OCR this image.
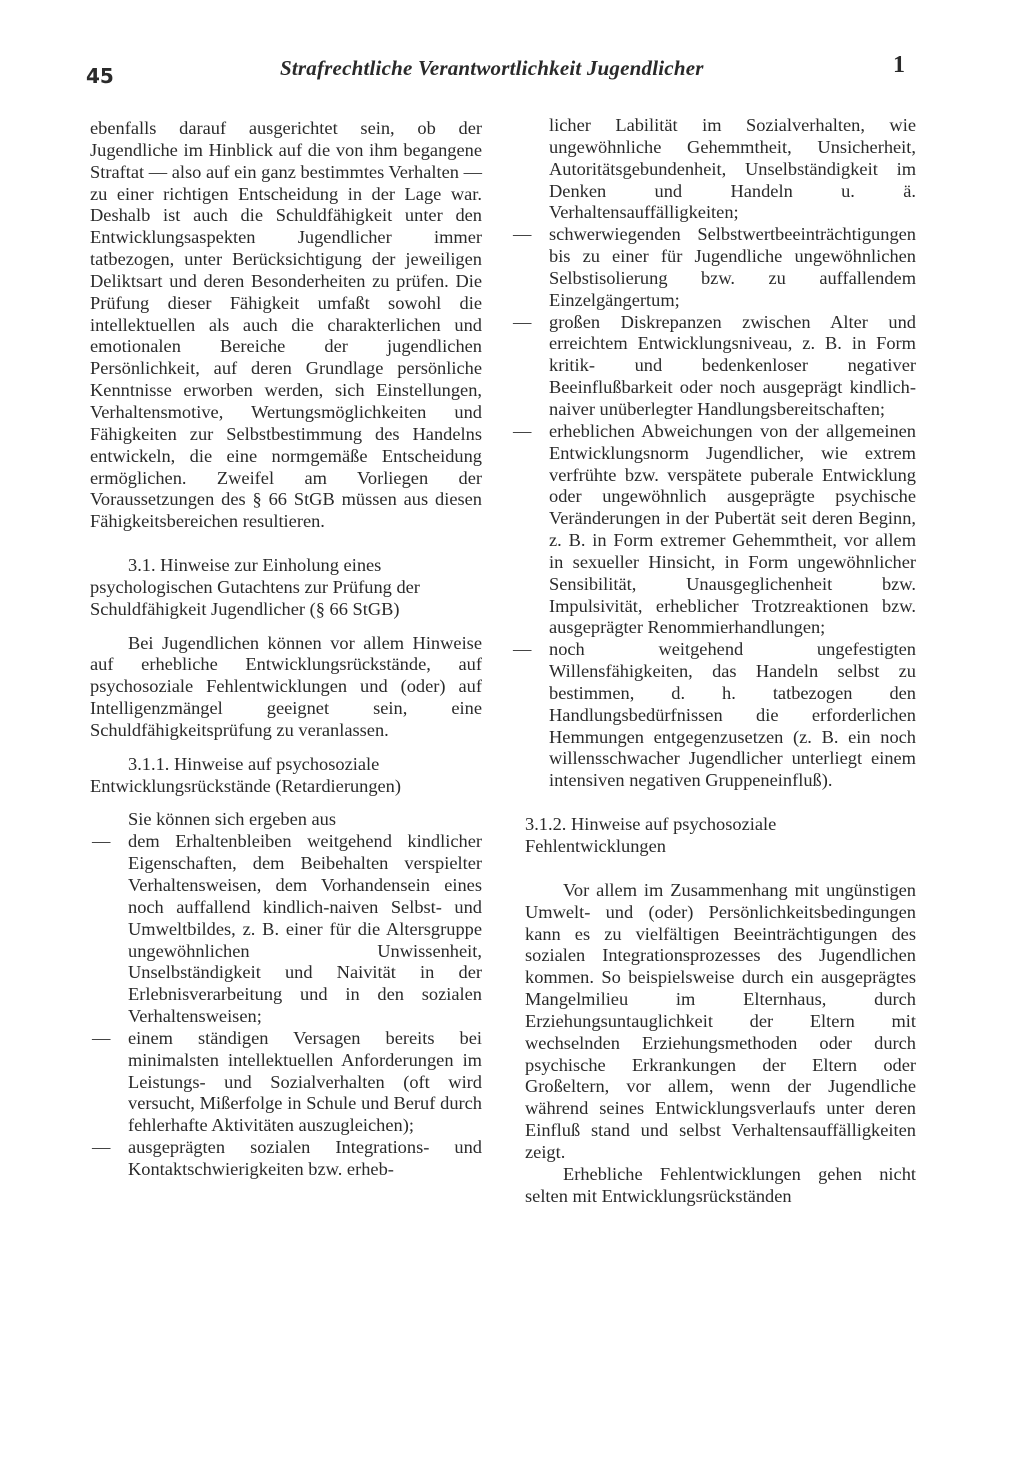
45	Strafrechtliche Verantwortlichkeit Jugendlicher	1

ebenfalls darauf ausgerichtet sein, ob der Jugendliche im Hinblick auf die von ihm begangene Straftat — also auf ein ganz bestimmtes Verhalten — zu einer richtigen Entscheidung in der Lage war. Deshalb ist auch die Schuldfähigkeit unter den Entwicklungsaspekten Jugendlicher immer tatbezogen, unter Berücksichtigung der jeweiligen Deliktsart und deren Besonderheiten zu prüfen. Die Prüfung dieser Fähigkeit umfaßt sowohl die intellektuellen als auch die charakterlichen und emotionalen Bereiche der jugendlichen Persönlichkeit, auf deren Grundlage persönliche Kenntnisse erworben werden, sich Einstellungen, Verhaltensmotive, Wertungsmöglichkeiten und Fähigkeiten zur Selbstbestimmung des Handelns entwickeln, die eine normgemäße Entscheidung ermöglichen. Zweifel am Vorliegen der Voraussetzungen des § 66 StGB müssen aus diesen Fähigkeitsbereichen resultieren.

3.1. Hinweise zur Einholung eines psychologischen Gutachtens zur Prüfung der Schuldfähigkeit Jugendlicher (§ 66 StGB)

Bei Jugendlichen können vor allem Hinweise auf erhebliche Entwicklungsrückstände, auf psychosoziale Fehlentwicklungen und (oder) auf Intelligenzmängel geeignet sein, eine Schuldfähigkeitsprüfung zu veranlassen.

3.1.1. Hinweise auf psychosoziale Entwicklungsrückstände (Retardierungen)

Sie können sich ergeben aus

— dem Erhaltenbleiben weitgehend kindlicher Eigenschaften, dem Beibehalten verspielter Verhaltensweisen, dem Vorhandensein eines noch auffallend kindlich-naiven Selbst- und Umweltbildes, z. B. einer für die Altersgruppe ungewöhnlichen Unwissenheit, Unselbständigkeit und Naivität in der Erlebnisverarbeitung und in den sozialen Verhaltensweisen;
— einem ständigen Versagen bereits bei minimalsten intellektuellen Anforderungen im Leistungs- und Sozialverhalten (oft wird versucht, Mißerfolge in Schule und Beruf durch fehlerhafte Aktivitäten auszugleichen);
— ausgeprägten sozialen Integrations- und Kontaktschwierigkeiten bzw. erheb-

licher Labilität im Sozialverhalten, wie ungewöhnliche Gehemmtheit, Unsicherheit, Autoritätsgebundenheit, Unselbständigkeit im Denken und Handeln u. ä. Verhaltensauffälligkeiten;

— schwerwiegenden Selbstwertbeeinträchtigungen bis zu einer für Jugendliche ungewöhnlichen Selbstisolierung bzw. zu auffallendem Einzelgängertum;
— großen Diskrepanzen zwischen Alter und erreichtem Entwicklungsniveau, z. B. in Form kritik- und bedenkenloser negativer Beeinflußbarkeit oder noch ausgeprägt kindlich-naiver unüberlegter Handlungsbereitschaften;
— erheblichen Abweichungen von der allgemeinen Entwicklungsnorm Jugendlicher, wie extrem verfrühte bzw. verspätete puberale Entwicklung oder ungewöhnlich ausgeprägte psychische Veränderungen in der Pubertät seit deren Beginn, z. B. in Form extremer Gehemmtheit, vor allem in sexueller Hinsicht, in Form ungewöhnlicher Sensibilität, Unausgeglichenheit bzw. Impulsivität, erheblicher Trotzreaktionen bzw. ausgeprägter Renommierhandlungen;
— noch weitgehend ungefestigten Willensfähigkeiten, das Handeln selbst zu bestimmen, d. h. tatbezogen den Handlungsbedürfnissen die erforderlichen Hemmungen entgegenzusetzen (z. B. ein noch willensschwacher Jugendlicher unterliegt einem intensiven negativen Gruppeneinfluß).

3.1.2. Hinweise auf psychosoziale Fehlentwicklungen

Vor allem im Zusammenhang mit ungünstigen Umwelt- und (oder) Persönlichkeitsbedingungen kann es zu vielfältigen Beeinträchtigungen des sozialen Integrationsprozesses des Jugendlichen kommen. So beispielsweise durch ein ausgeprägtes Mangelmilieu im Elternhaus, durch Erziehungsuntauglichkeit der Eltern mit wechselnden Erziehungsmethoden oder durch psychische Erkrankungen der Eltern oder Großeltern, vor allem, wenn der Jugendliche während seines Entwicklungsverlaufs unter deren Einfluß stand und selbst Verhaltensauffälligkeiten zeigt.

Erhebliche Fehlentwicklungen gehen nicht selten mit Entwicklungsrückständen
